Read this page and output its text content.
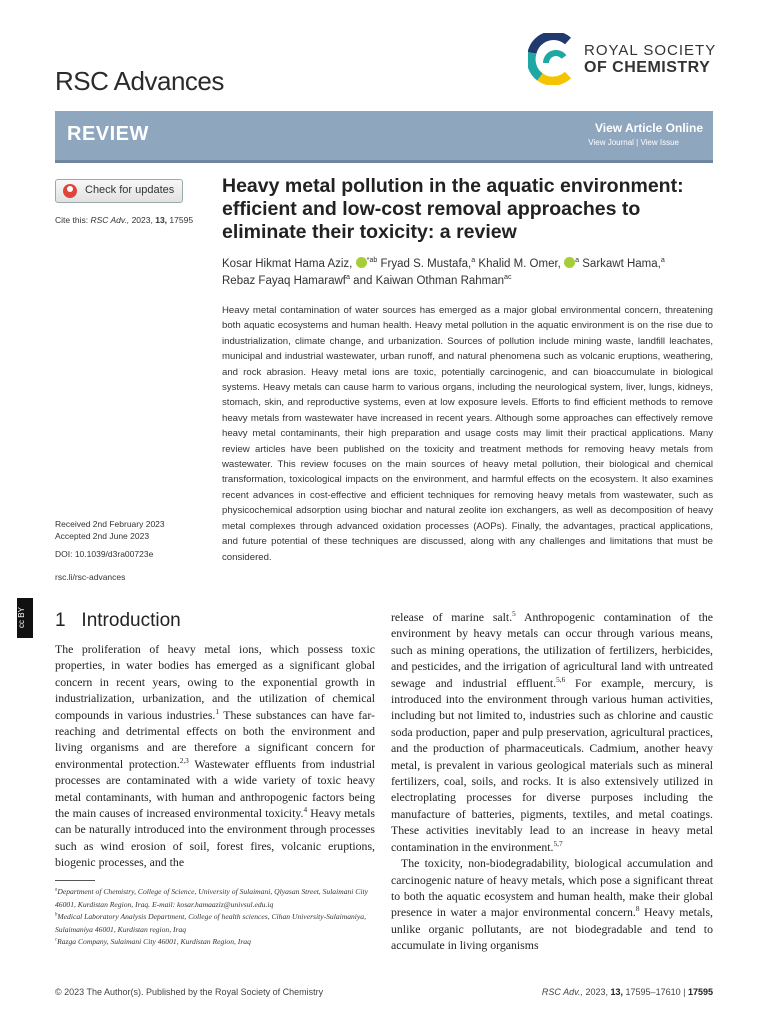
RSC Advances
ROYAL SOCIETY
OF CHEMISTRY
REVIEW	View Article Online
View Journal | View Issue
Check for updates
Cite this: RSC Adv., 2023, 13, 17595
Heavy metal pollution in the aquatic environment: efficient and low-cost removal approaches to eliminate their toxicity: a review
Kosar Hikmat Hama Aziz, $^{*ab}$ Fryad S. Mustafa,$^a$ Khalid M. Omer, $^a$ Sarkawt Hama,$^a$
Rebaz Fayaq Hamarawf$^a$ and Kaiwan Othman Rahman$^{ac}$
Heavy metal contamination of water sources has emerged as a major global environmental concern, threatening both aquatic ecosystems and human health. Heavy metal pollution in the aquatic environment is on the rise due to industrialization, climate change, and urbanization. Sources of pollution include mining waste, landfill leachates, municipal and industrial wastewater, urban runoff, and natural phenomena such as volcanic eruptions, weathering, and rock abrasion. Heavy metal ions are toxic, potentially carcinogenic, and can bioaccumulate in biological systems. Heavy metals can cause harm to various organs, including the neurological system, liver, lungs, kidneys, stomach, skin, and reproductive systems, even at low exposure levels. Efforts to find efficient methods to remove heavy metals from wastewater have increased in recent years. Although some approaches can effectively remove heavy metal contaminants, their high preparation and usage costs may limit their practical applications. Many review articles have been published on the toxicity and treatment methods for removing heavy metals from wastewater. This review focuses on the main sources of heavy metal pollution, their biological and chemical transformation, toxicological impacts on the environment, and harmful effects on the ecosystem. It also examines recent advances in cost-effective and efficient techniques for removing heavy metals from wastewater, such as physicochemical adsorption using biochar and natural zeolite ion exchangers, as well as decomposition of heavy metal complexes through advanced oxidation processes (AOPs). Finally, the advantages, practical applications, and future potential of these techniques are discussed, along with any challenges and limitations that must be considered.
Received 2nd February 2023
Accepted 2nd June 2023
DOI: 10.1039/d3ra00723e
rsc.li/rsc-advances
cc BY 1 Introduction

The proliferation of heavy metal ions, which possess toxic properties, in water bodies has emerged as a significant global concern in recent years, owing to the exponential growth in industrialization, urbanization, and the utilization of chemical compounds in various industries.$^1$ These substances can have far-reaching and detrimental effects on both the environment and living organisms and are therefore a significant concern for environmental protection.$^{2,3}$ Wastewater effluents from industrial processes are contaminated with a wide variety of toxic heavy metal contaminants, with human and anthropogenic factors being the main causes of increased environmental toxicity.$^4$ Heavy metals can be naturally introduced into the environment through processes such as wind erosion of soil, forest fires, volcanic eruptions, biogenic processes, and the

release of marine salt.$^5$ Anthropogenic contamination of the environment by heavy metals can occur through various means, such as mining operations, the utilization of fertilizers, herbicides, and pesticides, and the irrigation of agricultural land with untreated sewage and industrial effluent.$^{5,6}$ For example, mercury, is introduced into the environment through various human activities, including but not limited to, industries such as chlorine and caustic soda production, paper and pulp preservation, agricultural practices, and the production of pharmaceuticals. Cadmium, another heavy metal, is prevalent in various geological materials such as mineral fertilizers, coal, soils, and rocks. It is also extensively utilized in electroplating processes for diverse purposes including the manufacture of batteries, pigments, textiles, and metal coatings. These activities inevitably lead to an increase in heavy metal contamination in the environment.$^{5,7}$

The toxicity, non-biodegradability, biological accumulation and carcinogenic nature of heavy metals, which pose a significant threat to both the aquatic ecosystem and human health, make their global presence in water a major environmental concern.$^8$ Heavy metals, unlike organic pollutants, are not biodegradable and tend to accumulate in living organisms

$^a$Department of Chemistry, College of Science, University of Sulaimani, Qlyasan Street, Sulaimani City 46001, Kurdistan Region, Iraq. E-mail: kosar.hamaaziz@univsul.edu.iq

$^b$Medical Laboratory Analysis Department, College of health sciences, Cihan University-Sulaimaniya, Sulaimaniya 46001, Kurdistan region, Iraq

$^c$Razga Company, Sulaimani City 46001, Kurdistan Region, Iraq

© 2023 The Author(s). Published by the Royal Society of Chemistry	RSC Adv., 2023, 13, 17595–17610 | 17595
